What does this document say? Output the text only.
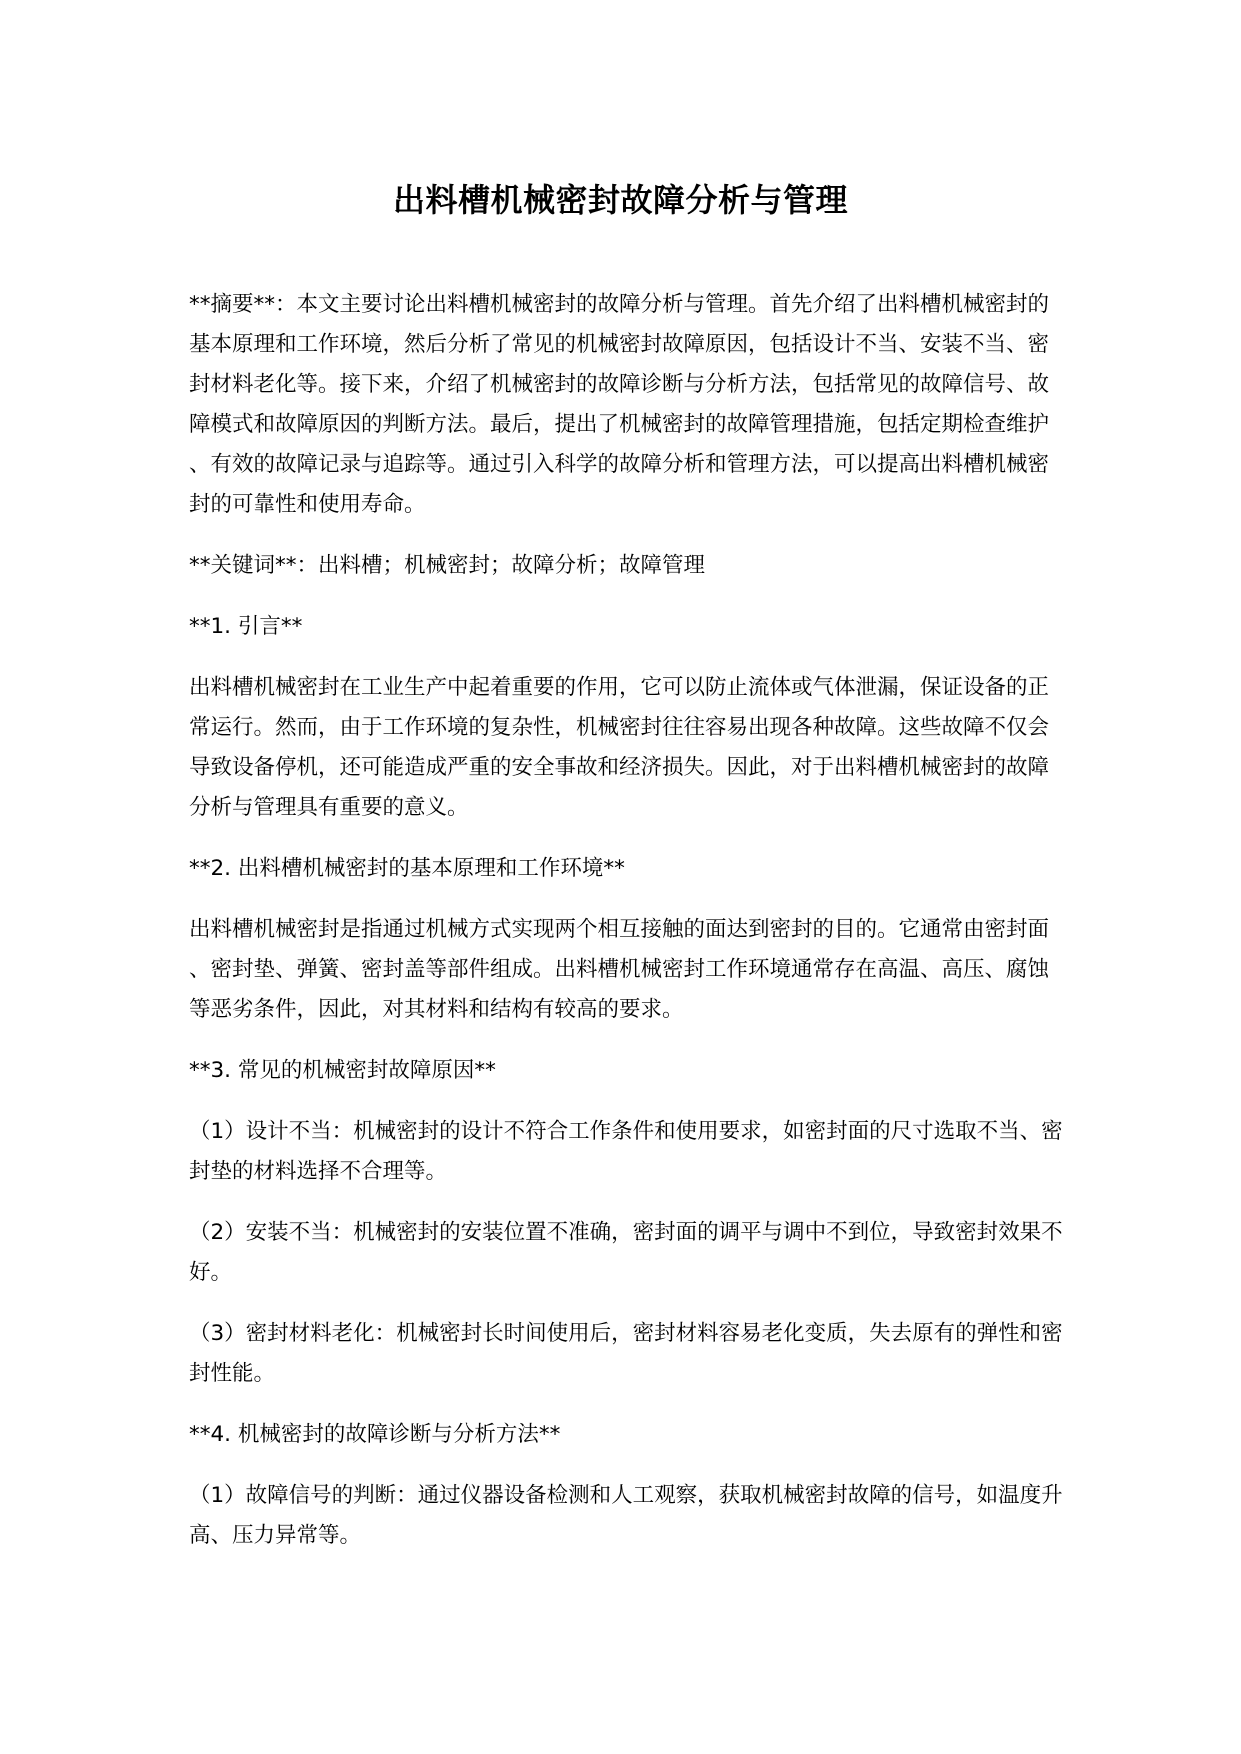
出料槽机械密封故障分析与管理

**摘要**：本文主要讨论出料槽机械密封的故障分析与管理。首先介绍了出料槽机械密封的基本原理和工作环境，然后分析了常见的机械密封故障原因，包括设计不当、安装不当、密封材料老化等。接下来，介绍了机械密封的故障诊断与分析方法，包括常见的故障信号、故障模式和故障原因的判断方法。最后，提出了机械密封的故障管理措施，包括定期检查维护、有效的故障记录与追踪等。通过引入科学的故障分析和管理方法，可以提高出料槽机械密封的可靠性和使用寿命。

**关键词**：出料槽；机械密封；故障分析；故障管理

**1. 引言**

出料槽机械密封在工业生产中起着重要的作用，它可以防止流体或气体泄漏，保证设备的正常运行。然而，由于工作环境的复杂性，机械密封往往容易出现各种故障。这些故障不仅会导致设备停机，还可能造成严重的安全事故和经济损失。因此，对于出料槽机械密封的故障分析与管理具有重要的意义。

**2. 出料槽机械密封的基本原理和工作环境**

出料槽机械密封是指通过机械方式实现两个相互接触的面达到密封的目的。它通常由密封面、密封垫、弹簧、密封盖等部件组成。出料槽机械密封工作环境通常存在高温、高压、腐蚀等恶劣条件，因此，对其材料和结构有较高的要求。

**3. 常见的机械密封故障原因**

（1）设计不当：机械密封的设计不符合工作条件和使用要求，如密封面的尺寸选取不当、密封垫的材料选择不合理等。

（2）安装不当：机械密封的安装位置不准确，密封面的调平与调中不到位，导致密封效果不好。

（3）密封材料老化：机械密封长时间使用后，密封材料容易老化变质，失去原有的弹性和密封性能。

**4. 机械密封的故障诊断与分析方法**

（1）故障信号的判断：通过仪器设备检测和人工观察，获取机械密封故障的信号，如温度升高、压力异常等。
